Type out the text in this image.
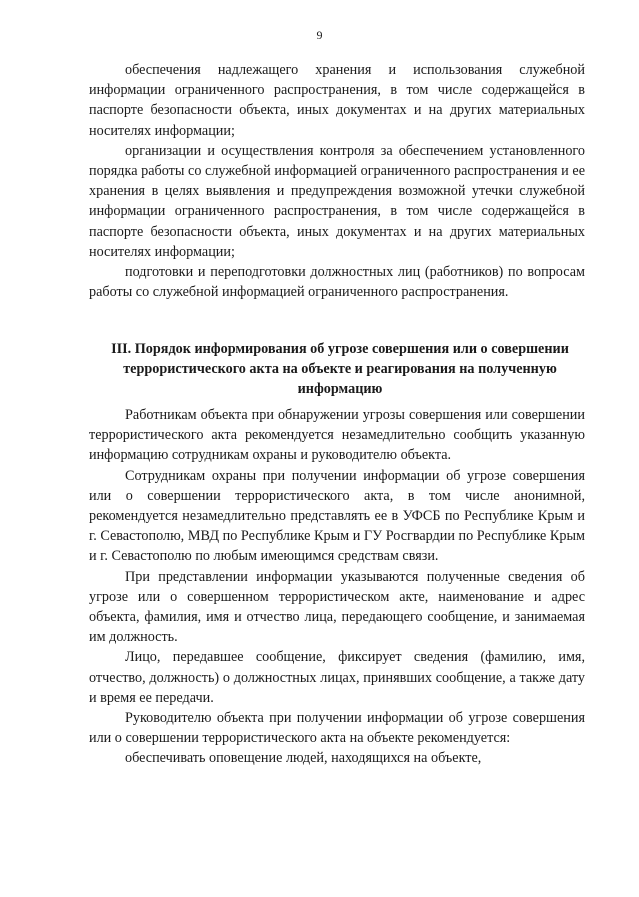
9

обеспечения надлежащего хранения и использования служебной информации ограниченного распространения, в том числе содержащейся в паспорте безопасности объекта, иных документах и на других материальных носителях информации;

организации и осуществления контроля за обеспечением установленного порядка работы со служебной информацией ограниченного распространения и ее хранения в целях выявления и предупреждения возможной утечки служебной информации ограниченного распространения, в том числе содержащейся в паспорте безопасности объекта, иных документах и на других материальных носителях информации;

подготовки и переподготовки должностных лиц (работников) по вопросам работы со служебной информацией ограниченного распространения.

III. Порядок информирования об угрозе совершения или о совершении террористического акта на объекте и реагирования на полученную информацию

Работникам объекта при обнаружении угрозы совершения или совершении террористического акта рекомендуется незамедлительно сообщить указанную информацию сотрудникам охраны и руководителю объекта.

Сотрудникам охраны при получении информации об угрозе совершения или о совершении террористического акта, в том числе анонимной, рекомендуется незамедлительно представлять ее в УФСБ по Республике Крым и г. Севастополю, МВД по Республике Крым и ГУ Росгвардии по Республике Крым и г. Севастополю по любым имеющимся средствам связи.

При представлении информации указываются полученные сведения об угрозе или о совершенном террористическом акте, наименование и адрес объекта, фамилия, имя и отчество лица, передающего сообщение, и занимаемая им должность.

Лицо, передавшее сообщение, фиксирует сведения (фамилию, имя, отчество, должность) о должностных лицах, принявших сообщение, а также дату и время ее передачи.

Руководителю объекта при получении информации об угрозе совершения или о совершении террористического акта на объекте рекомендуется:

обеспечивать оповещение людей, находящихся на объекте,
